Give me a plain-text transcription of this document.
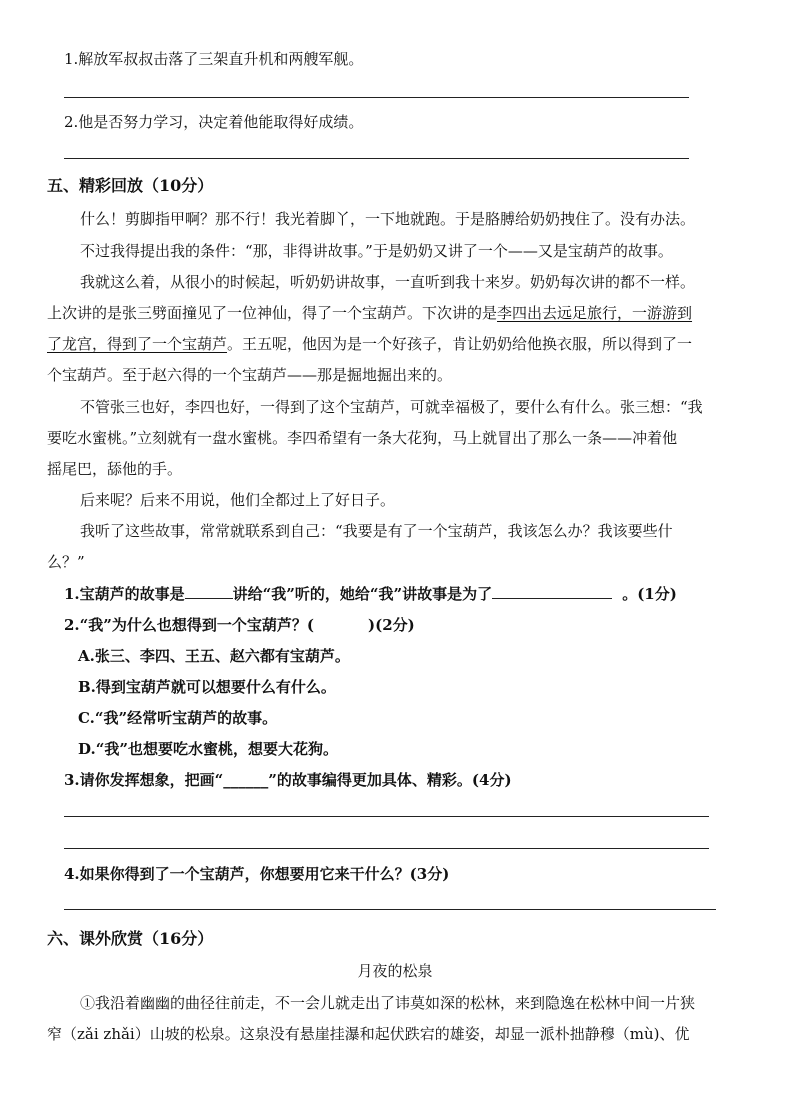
1.解放军叔叔击落了三架直升机和两艘军舰。
2.他是否努力学习，决定着他能取得好成绩。
五、精彩回放（10分）
什么！剪脚指甲啊？那不行！我光着脚丫，一下地就跑。于是胳膊给奶奶拽住了。没有办法。
不过我得提出我的条件：“那，非得讲故事。”于是奶奶又讲了一个——又是宝葫芦的故事。
我就这么着，从很小的时候起，听奶奶讲故事，一直听到我十来岁。奶奶每次讲的都不一样。
上次讲的是张三劈面撞见了一位神仙，得了一个宝葫芦。下次讲的是李四出去远足旅行，一游游到
了龙宫，得到了一个宝葫芦。王五呢，他因为是一个好孩子，肯让奶奶给他换衣服，所以得到了一
个宝葫芦。至于赵六得的一个宝葫芦——那是掘地掘出来的。
不管张三也好，李四也好，一得到了这个宝葫芦，可就幸福极了，要什么有什么。张三想：“我
要吃水蜜桃。”立刻就有一盘水蜜桃。李四希望有一条大花狗，马上就冒出了那么一条——冲着他
摇尾巴，舔他的手。
后来呢？后来不用说，他们全都过上了好日子。
我听了这些故事，常常就联系到自己：“我要是有了一个宝葫芦，我该怎么办？我该要些什
么？”
1.宝葫芦的故事是	讲给“我”听的，她给“我”讲故事是为了	。(1分)
2.“我”为什么也想得到一个宝葫芦？(	)(2分)
A.张三、李四、王五、赵六都有宝葫芦。
B.得到宝葫芦就可以想要什么有什么。
C.“我”经常听宝葫芦的故事。
D.“我”也想要吃水蜜桃，想要大花狗。
3.请你发挥想象，把画“______”的故事编得更加具体、精彩。(4分)
4.如果你得到了一个宝葫芦，你想要用它来干什么？(3分)
六、课外欣赏（16分）
月夜的松泉
①我沿着幽幽的曲径往前走，不一会儿就走出了讳莫如深的松林，来到隐逸在松林中间一片狭
窄（zǎi zhǎi）山坡的松泉。这泉没有悬崖挂瀑和起伏跌宕的雄姿，却显一派朴拙静穆（mù)、优
